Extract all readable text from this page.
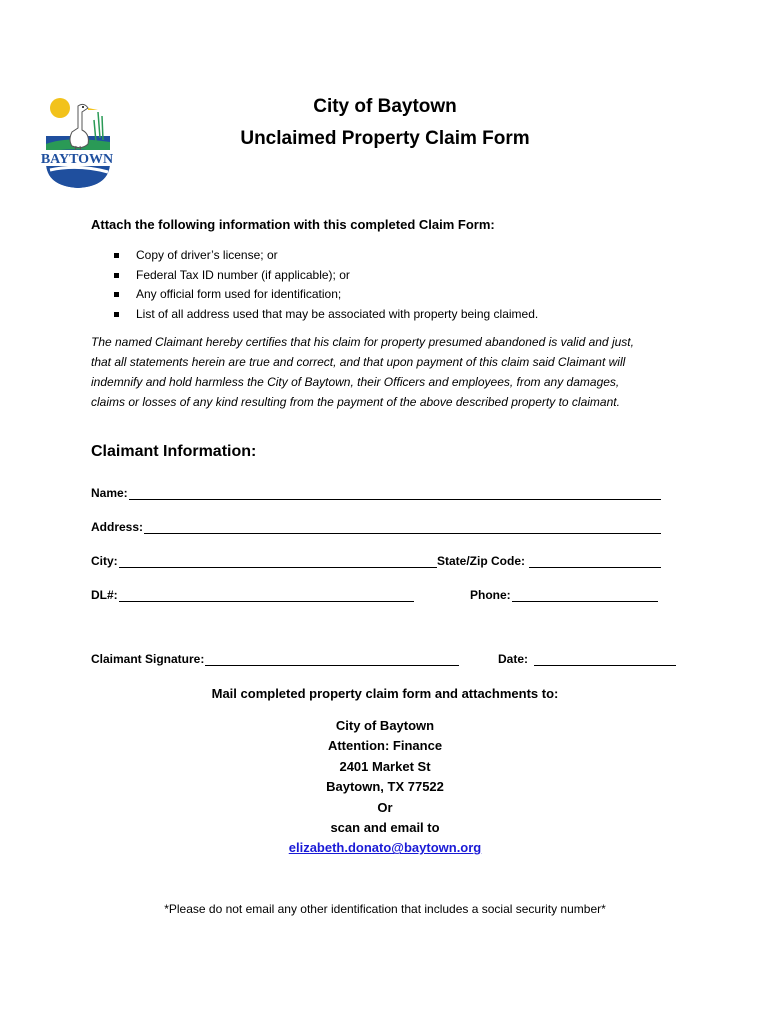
BAYTOWN
City of Baytown
Unclaimed Property Claim Form
Attach the following information with this completed Claim Form:
Copy of driver’s license; or
Federal Tax ID number (if applicable); or
Any official form used for identification;
List of all address used that may be associated with property being claimed.
The named Claimant hereby certifies that his claim for property presumed abandoned is valid and just, that all statements herein are true and correct, and that upon payment of this claim said Claimant will indemnify and hold harmless the City of Baytown, their Officers and employees, from any damages, claims or losses of any kind resulting from the payment of the above described property to claimant.
Claimant Information:
Name:
Address:
City:	State/Zip Code:
DL#:	Phone:
Claimant Signature:	Date:
Mail completed property claim form and attachments to:
City of Baytown
Attention: Finance
2401 Market St
Baytown, TX 77522
Or
scan and email to
elizabeth.donato@baytown.org
*Please do not email any other identification that includes a social security number*
